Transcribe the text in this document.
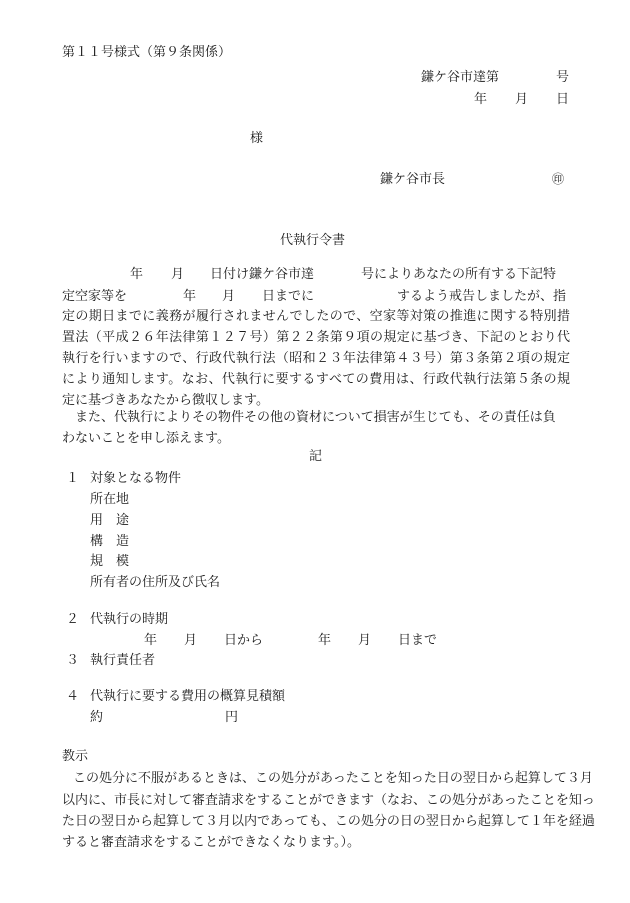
第１１号様式（第９条関係）
鎌ケ谷市達第	号
年 月 日
様
鎌ケ谷市長	㊞
代執行令書
年 月 日付け鎌ケ谷市達	号によりあなたの所有する下記特
定空家等を	年 月 日までに	するよう戒告しましたが、指
定の期日までに義務が履行されませんでしたので、空家等対策の推進に関する特別措
置法（平成２６年法律第１２７号）第２２条第９項の規定に基づき、下記のとおり代
執行を行いますので、行政代執行法（昭和２３年法律第４３号）第３条第２項の規定
により通知します。なお、代執行に要するすべての費用は、行政代執行法第５条の規
定に基づきあなたから徴収します。
また、代執行によりその物件その他の資材について損害が生じても、その責任は負
わないことを申し添えます。
記
１ 対象となる物件
所在地
用　途
構　造
規　模
所有者の住所及び氏名
２ 代執行の時期
年 月 日から	年 月 日まで
３ 執行責任者
４ 代執行に要する費用の概算見積額
約	円
教示
この処分に不服があるときは、この処分があったことを知った日の翌日から起算して３月
以内に、市長に対して審査請求をすることができます（なお、この処分があったことを知っ
た日の翌日から起算して３月以内であっても、この処分の日の翌日から起算して１年を経過
すると審査請求をすることができなくなります。）。
